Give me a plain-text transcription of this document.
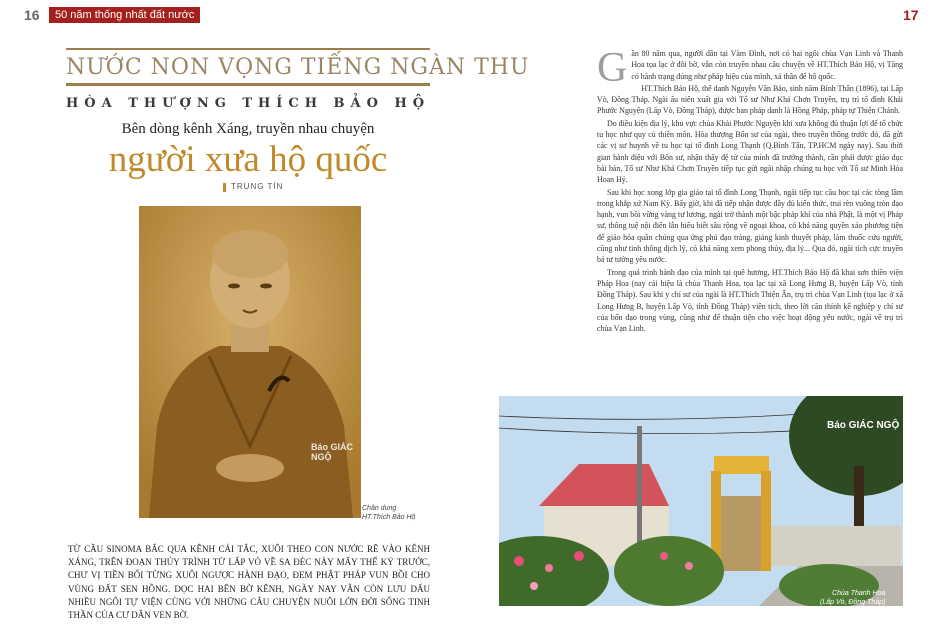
16	50 năm thống nhất đất nước	17
NƯỚC NON VỌNG TIẾNG NGÀN THU
HÒA THƯỢNG THÍCH BẢO HỘ
Bên dòng kênh Xáng, truyền nhau chuyện
người xưa hộ quốc
TRUNG TÍN
Báo GIÁC NGỘ
Chân dung
HT.Thích Bảo Hộ
TỪ CẦU SINOMA BẮC QUA KÊNH CÁI TẮC, XUÔI THEO CON NƯỚC RẼ VÀO KÊNH XÁNG, TRÊN ĐOẠN THỦY TRÌNH TỪ LẤP VÒ VỀ SA ĐÉC NÀY MẤY THẾ KỶ TRƯỚC, CHƯ VỊ TIỀN BỐI TỪNG XUÔI NGƯỢC HÀNH ĐẠO, ĐEM PHẬT PHÁP VUN BỒI CHO VÙNG ĐẤT SEN HỒNG. DỌC HAI BÊN BỜ KÊNH, NGÀY NAY VẪN CÒN LƯU DẤU NHIỀU NGÔI TỰ VIỆN CÙNG VỚI NHỮNG CÂU CHUYỆN NUÔI LỚN ĐỜI SỐNG TINH THẦN CỦA CƯ DÂN VEN BỜ.

Gần 80 năm qua, người dân tại Vàm Đình, nơi có hai ngôi chùa Vạn Linh và Thanh Hoa tọa lạc ở đôi bờ, vẫn còn truyền nhau câu chuyện về HT.Thích Bảo Hộ, vị Tăng có hành trạng đúng như pháp hiệu của mình, xả thân để hộ quốc.

HT.Thích Bảo Hộ, thế danh Nguyễn Văn Bảo, sinh năm Bính Thân (1896), tại Lấp Vò, Đồng Tháp. Ngài ấu niên xuất gia với Tổ sư Như Khả Chơn Truyền, trụ trì tổ đình Khải Phước Nguyện (Lấp Vò, Đồng Tháp), được ban pháp danh là Hồng Pháp, pháp tự Thiện Chánh.

Do điều kiện địa lý, khu vực chùa Khải Phước Nguyện khi xưa không đủ thuận lợi để tổ chức tu học như quy củ thiền môn. Hòa thượng Bổn sư của ngài, theo truyền thống trước đó, đã gửi các vị sư huynh về tu học tại tổ đình Long Thạnh (Q.Bình Tân, TP.HCM ngày nay). Sau thời gian hành điệu với Bổn sư, nhận thấy đệ tử của mình đã trưởng thành, cần phải được giáo dục bài bản, Tổ sư Như Khả Chơn Truyền tiếp tục gửi ngài nhập chúng tu học với Tổ sư Minh Hòa Hoan Hỷ.

Sau khi học xong lớp gia giáo tại tổ đình Long Thạnh, ngài tiếp tục cầu học tại các tòng lâm trong khắp xứ Nam Kỳ. Bấy giờ, khi đã tiếp nhận được đầy đủ kiến thức, trui rèn vuông tròn đạo hạnh, vun bồi vững vàng tư lương, ngài trở thành một bậc pháp khí của nhà Phật, là một vị Pháp sư, thông tuệ nội điển lẫn hiểu biết sâu rộng về ngoại khoa, có khả năng quyền xảo phương tiện để giáo hóa quần chúng qua ứng phú đạo tràng, giảng kinh thuyết pháp, làm thuốc cứu người, cũng như tinh thông dịch lý, có khả năng xem phong thủy, địa lý... Qua đó, ngài tích cực truyền bá tư tưởng yêu nước.

Trong quá trình hành đạo của mình tại quê hương, HT.Thích Bảo Hộ đã khai sơn thiền viện Pháp Hoa (nay cải hiệu là chùa Thanh Hoa, tọa lạc tại xã Long Hưng B, huyện Lấp Vò, tỉnh Đồng Tháp). Sau khi y chỉ sư của ngài là HT.Thích Thiện Ân, trụ trì chùa Vạn Linh (tọa lạc ở xã Long Hưng B, huyện Lấp Vò, tỉnh Đồng Tháp) viên tịch, theo lời căn thỉnh kế nghiệp y chỉ sư của bổn đạo trong vùng, cũng như để thuận tiện cho việc hoạt động yêu nước, ngài về trụ trì chùa Vạn Linh.

Báo GIÁC NGỘ
Chùa Thanh Hoa
(Lấp Vò, Đồng Tháp)
